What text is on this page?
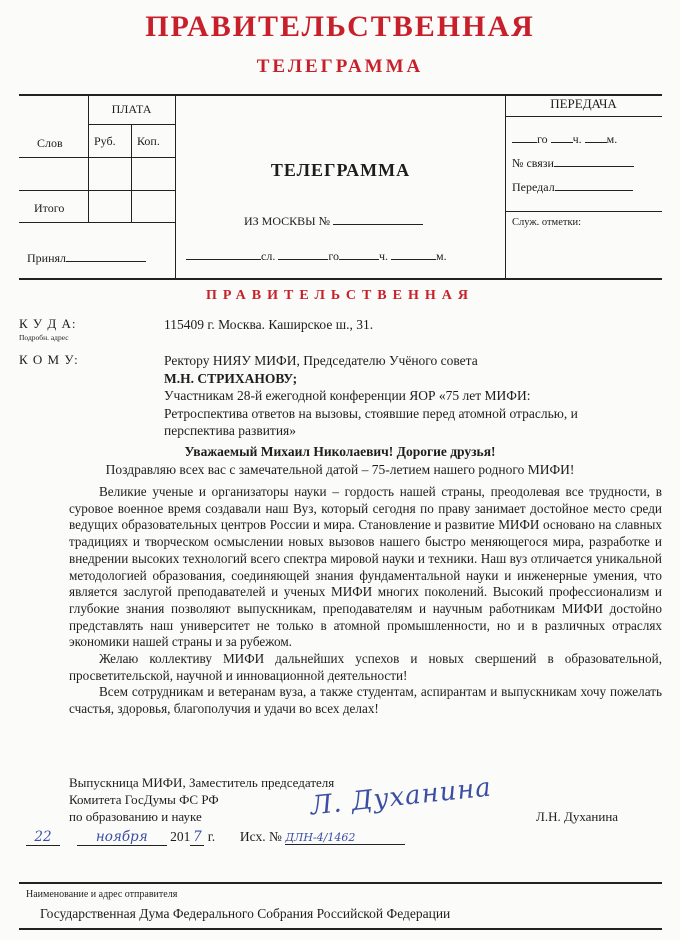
ПРАВИТЕЛЬСТВЕННАЯ
ТЕЛЕГРАММА
ПЛАТА
Слов	Руб. Коп.
Итого
Принял
ТЕЛЕГРАММА
ИЗ МОСКВЫ №
сл.	го	ч.	м.
ПЕРЕДАЧА
го ч. м.
№ связи
Передал
Служ. отметки:
ПРАВИТЕЛЬСТВЕННАЯ
К У Д А:
Подробн. адрес
115409 г. Москва. Каширское ш., 31.
К О М У:	Ректору НИЯУ МИФИ, Председателю Учёного совета
М.Н. СТРИХАНОВУ;
Участникам 28-й ежегодной конференции ЯОР «75 лет МИФИ:
Ретроспектива ответов на вызовы, стоявшие перед атомной отраслью, и
перспектива развития»
Уважаемый Михаил Николаевич! Дорогие друзья!
Поздравляю всех вас с замечательной датой – 75-летием нашего родного МИФИ!

Великие ученые и организаторы науки – гордость нашей страны, преодолевая все трудности, в суровое военное время создавали наш Вуз, который сегодня по праву занимает достойное место среди ведущих образовательных центров России и мира. Становление и развитие МИФИ основано на славных традициях и творческом осмыслении новых вызовов нашего быстро меняющегося мира, разработке и внедрении высоких технологий всего спектра мировой науки и техники. Наш вуз отличается уникальной методологией образования, соединяющей знания фундаментальной науки и инженерные умения, что является заслугой преподавателей и ученых МИФИ многих поколений. Высокий профессионализм и глубокие знания позволяют выпускникам, преподавателям и научным работникам МИФИ достойно представлять наш университет не только в атомной промышленности, но и в различных отраслях экономики нашей страны и за рубежом.

Желаю коллективу МИФИ дальнейших успехов и новых свершений в образовательной, просветительской, научной и инновационной деятельности!

Всем сотрудникам и ветеранам вуза, а также студентам, аспирантам и выпускникам хочу пожелать счастья, здоровья, благополучия и удачи во всех делах!

Выпускница МИФИ, Заместитель председателя
Комитета ГосДумы ФС РФ
по образованию и науке	Л. Духанина	Л.Н. Духанина
22	ноября 201 7 г. Исх. № ДЛН-4/1462
Наименование и адрес отправителя
Государственная Дума Федерального Собрания Российской Федерации
